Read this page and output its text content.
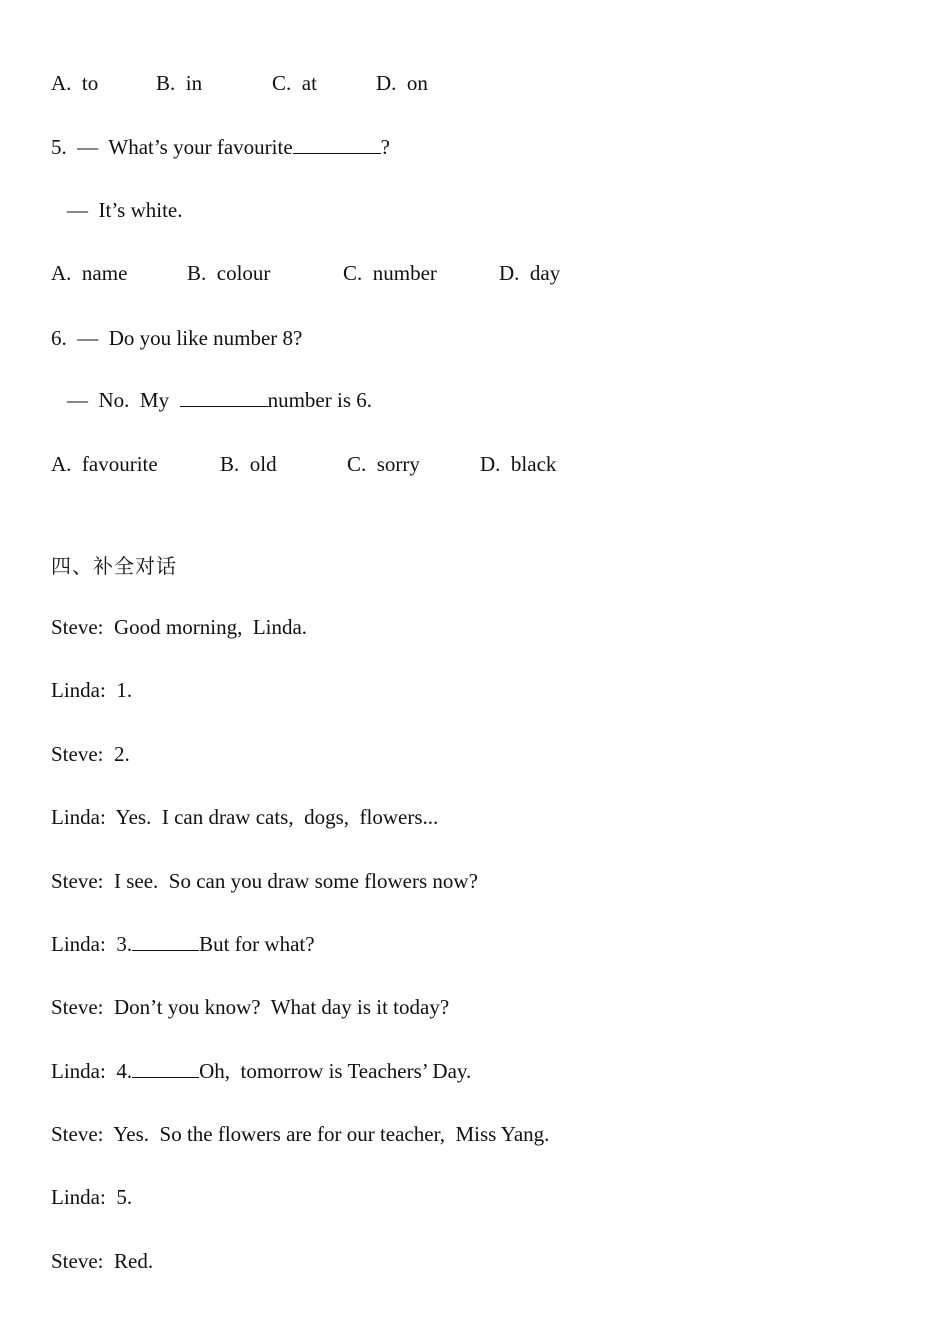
A.  to	B.  in	C.  at	D.  on
5.  —  What’s your favourite	?
—  It’s white.
A.  name	B.  colour	C.  number	D.  day
6.  —  Do you like number 8?
—  No.  My	number is 6.
A.  favourite	B.  old	C.  sorry	D.  black
四、补全对话
Steve:  Good morning,  Linda.
Linda:  1.
Steve:  2.
Linda:  Yes.  I can draw cats,  dogs,  flowers...
Steve:  I see.  So can you draw some flowers now?
Linda:  3.	But for what?
Steve:  Don’t you know?  What day is it today?
Linda:  4.	Oh,  tomorrow is Teachers’ Day.
Steve:  Yes.  So the flowers are for our teacher,  Miss Yang.
Linda:  5.
Steve:  Red.
